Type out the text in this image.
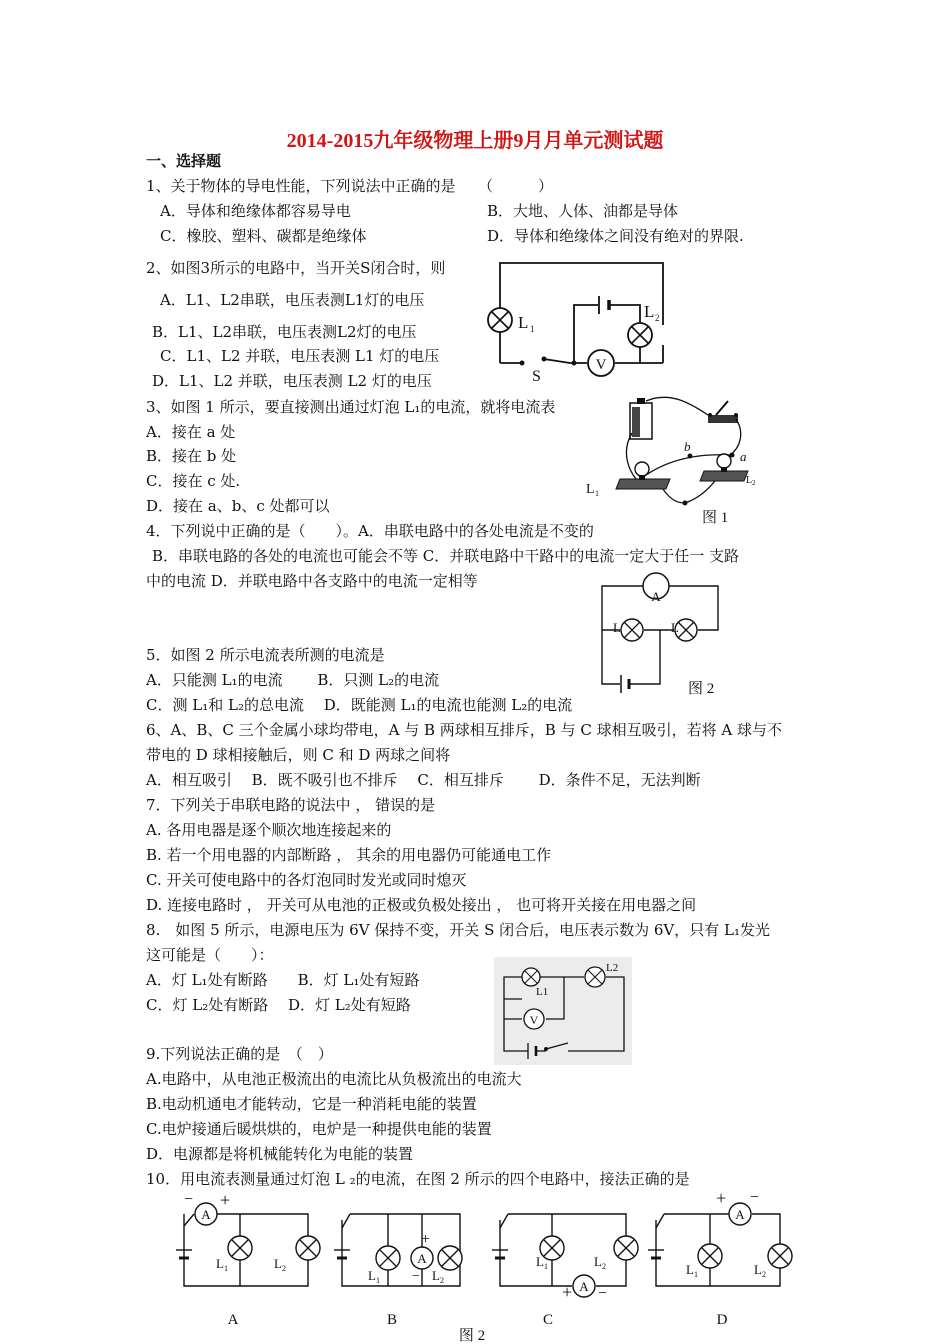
2014-2015九年级物理上册9月月单元测试题
一、选择题
1、关于物体的导电性能，下列说法中正确的是　　（　　　）
A．导体和绝缘体都容易导电	B．大地、人体、油都是导体
C．橡胶、塑料、碳都是绝缘体	D．导体和绝缘体之间没有绝对的界限.
2、如图3所示的电路中，当开关S闭合时，则
A．L1、L2串联，电压表测L1灯的电压
B．L1、L2串联，电压表测L2灯的电压
C．L1、L2 并联，电压表测 L1 灯的电压
D．L1、L2 并联，电压表测 L2 灯的电压
V
L 1
L 2
S
3、如图 1 所示，要直接测出通过灯泡 L₁的电流，就将电流表
A．接在 a 处
B．接在 b 处
C．接在 c 处.
D．接在 a、b、c 处都可以
b
a
L 1
L 2
图 1
4．下列说中正确的是（　　）。A．串联电路中的各处电流是不变的
B．串联电路的各处的电流也可能会不等 C．并联电路中干路中的电流一定大于任一 支路
中的电流 D．并联电路中各支路中的电流一定相等
A
L	L
图 2
5．如图 2 所示电流表所测的电流是
A．只能测 L₁的电流　　 B．只测 L₂的电流
C．测 L₁和 L₂的总电流　 D．既能测 L₁的电流也能测 L₂的电流
6、A、B、C 三个金属小球均带电，A 与 B 两球相互排斥，B 与 C 球相互吸引，若将 A 球与不
带电的 D 球相接触后，则 C 和 D 两球之间将
A．相互吸引　 B．既不吸引也不排斥　 C．相互排斥　　 D．条件不足，无法判断
7．下列关于串联电路的说法中 ， 错误的是
A. 各用电器是逐个顺次地连接起来的
B. 若一个用电器的内部断路 ， 其余的用电器仍可能通电工作
C. 开关可使电路中的各灯泡同时发光或同时熄灭
D. 连接电路时 ， 开关可从电池的正极或负极处接出 ， 也可将开关接在用电器之间
8.　如图 5 所示，电源电压为 6V 保持不变，开关 S 闭合后，电压表示数为 6V，只有 L₁发光
这可能是（　　）：
A．灯 L₁处有断路　　B．灯 L₁处有短路
C．灯 L₂处有断路　 D．灯 L₂处有短路
V
L1
L2
9.下列说法正确的是　（　）
A.电路中，从电池正极流出的电流比从负极流出的电流大
B.电动机通电才能转动，它是一种消耗电能的装置
C.电炉接通后暖烘烘的，电炉是一种提供电能的装置
D．电源都是将机械能转化为电能的装置
10．用电流表测量通过灯泡 L ₂的电流，在图 2 所示的四个电路中，接法正确的是
A
− +
L 1	L 2
A
A
+
−
L 1	L 2
B
A
+ −
L 1	L 2
C
A
+ −
L 1	L 2
D
图 2
